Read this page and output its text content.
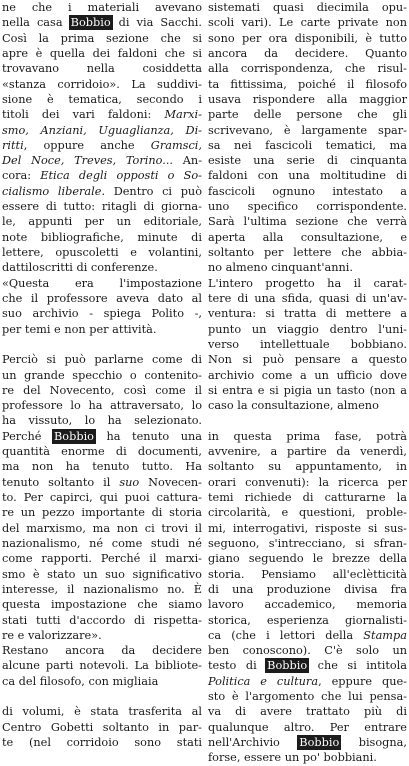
ne che i materiali avevano
nella casa Bobbio di via Sacchi.
Così la prima sezione che si
apre è quella dei faldoni che si
trovavano nella cosiddetta
«stanza corridoio». La suddivi-
sione è tematica, secondo i
titoli dei vari faldoni: Marxi-
smo, Anziani, Uguaglianza, Di-
ritti, oppure anche Gramsci,
Del Noce, Treves, Torino... An-
cora: Etica degli opposti o So-
cialismo liberale. Dentro ci può
essere di tutto: ritagli di giorna-
le, appunti per un editoriale,
note bibliografiche, minute di
lettere, opuscoletti e volantini,
dattiloscritti di conferenze.
«Questa era l'impostazione
che il professore aveva dato al
suo archivio - spiega Polito -,
per temi e non per attività.
Perciò si può parlarne come di
un grande specchio o contenito-
re del Novecento, così come il
professore lo ha attraversato, lo
ha vissuto, lo ha selezionato.
Perché Bobbio ha tenuto una
quantità enorme di documenti,
ma non ha tenuto tutto. Ha
tenuto soltanto il suo Novecen-
to. Per capirci, qui puoi cattura-
re un pezzo importante di storia
del marxismo, ma non ci trovi il
nazionalismo, né come studi né
come rapporti. Perché il marxi-
smo è stato un suo significativo
interesse, il nazionalismo no. È
questa impostazione che siamo
stati tutti d'accordo di rispetta-
re e valorizzare».
Restano ancora da decidere
alcune parti notevoli. La bibliote-
ca del filosofo, con migliaia
di volumi, è stata trasferita al
Centro Gobetti soltanto in par-
te (nel corridoio sono stati
sistemati quasi diecimila opu-
scoli vari). Le carte private non
sono per ora disponibili, è tutto
ancora da decidere. Quanto
alla corrispondenza, che risul-
ta fittissima, poiché il filosofo
usava rispondere alla maggior
parte delle persone che gli
scrivevano, è largamente spar-
sa nei fascicoli tematici, ma
esiste una serie di cinquanta
faldoni con una moltitudine di
fascicoli ognuno intestato a
uno specifico corrispondente.
Sarà l'ultima sezione che verrà
aperta alla consultazione, e
soltanto per lettere che abbia-
no almeno cinquant'anni.
L'intero progetto ha il carat-
tere di una sfida, quasi di un'av-
ventura: si tratta di mettere a
punto un viaggio dentro l'uni-
verso intellettuale bobbiano.
Non si può pensare a questo
archivio come a un ufficio dove
si entra e si pigia un tasto (non a
caso la consultazione, almeno
in questa prima fase, potrà
avvenire, a partire da venerdì,
soltanto su appuntamento, in
orari convenuti): la ricerca per
temi richiede di catturarne la
circolarità, e questioni, proble-
mi, interrogativi, risposte si sus-
seguono, s'intrecciano, si sfran-
giano seguendo le brezze della
storia. Pensiamo all'eclètticità
di una produzione divisa fra
lavoro accademico, memoria
storica, esperienza giornalisti-
ca (che i lettori della Stampa
ben conoscono). C'è solo un
testo di Bobbio che si intitola
Politica e cultura, eppure que-
sto è l'argomento che lui pensa-
va di avere trattato più di
qualunque altro. Per entrare
nell'Archivio Bobbio bisogna,
forse, essere un po' bobbiani.
